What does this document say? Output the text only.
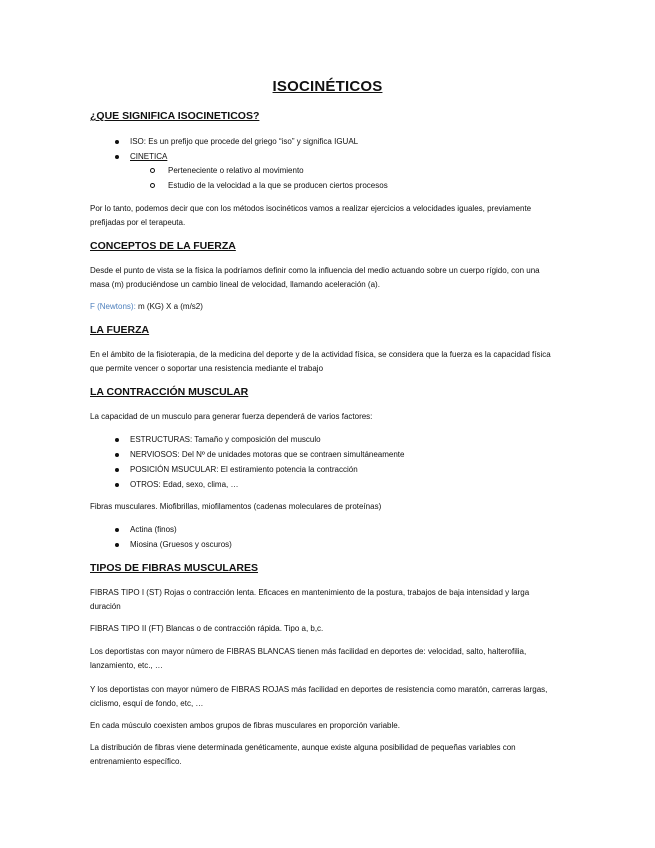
ISOCINÉTICOS
¿QUE SIGNIFICA ISOCINETICOS?
ISO: Es un prefijo que procede del griego “iso” y significa IGUAL
CINETICA
Perteneciente o relativo al movimiento
Estudio de la velocidad a la que se producen ciertos procesos
Por lo tanto, podemos decir que con los métodos isocinéticos vamos a realizar ejercicios a velocidades iguales, previamente prefijadas por el terapeuta.
CONCEPTOS DE LA FUERZA
Desde el punto de vista se la física la podríamos definir como la influencia del medio actuando sobre un cuerpo rígido, con una masa (m) produciéndose un cambio lineal de velocidad, llamando aceleración (a).
F (Newtons): m (KG) X a (m/s2)
LA FUERZA
En el ámbito de la fisioterapia, de la medicina del deporte y de la actividad física, se considera que la fuerza es la capacidad física que permite vencer o soportar una resistencia mediante el trabajo
LA CONTRACCIÓN MUSCULAR
La capacidad de un musculo para generar fuerza dependerá de varios factores:
ESTRUCTURAS: Tamaño y composición del musculo
NERVIOSOS: Del Nº de unidades motoras que se contraen simultáneamente
POSICIÓN MSUCULAR: El estiramiento potencia la contracción
OTROS: Edad, sexo, clima, …
Fibras musculares. Miofibrillas, miofilamentos (cadenas moleculares de proteínas)
Actina (finos)
Miosina (Gruesos y oscuros)
TIPOS DE FIBRAS MUSCULARES
FIBRAS TIPO I (ST) Rojas o contracción lenta. Eficaces en mantenimiento de la postura, trabajos de baja intensidad y larga duración
FIBRAS TIPO II (FT) Blancas o de contracción rápida. Tipo a, b,c.
Los deportistas con mayor número de FIBRAS BLANCAS tienen más facilidad en deportes de: velocidad, salto, halterofilia, lanzamiento, etc., …
Y los deportistas con mayor número de FIBRAS ROJAS más facilidad en deportes de resistencia como maratón, carreras largas, ciclismo, esquí de fondo, etc, …
En cada músculo coexisten ambos grupos de fibras musculares en proporción variable.
La distribución de fibras viene determinada genéticamente, aunque existe alguna posibilidad de pequeñas variables con entrenamiento específico.
